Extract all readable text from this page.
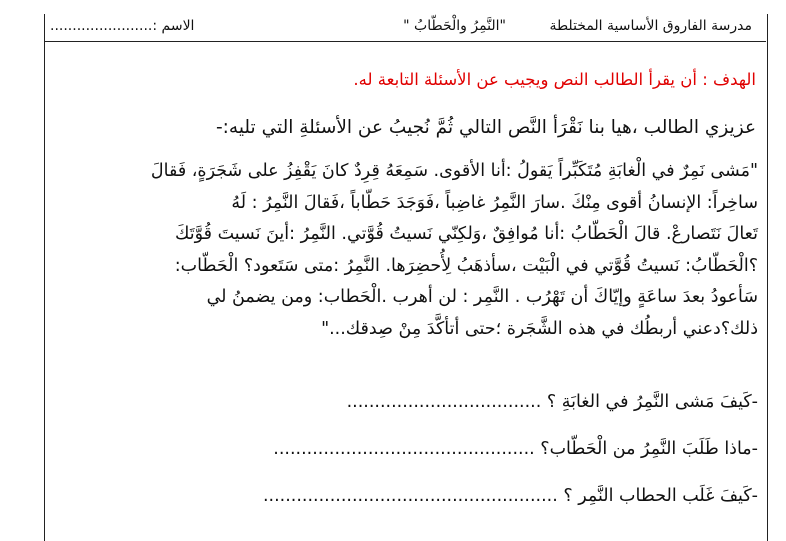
مدرسة الفاروق الأساسية المختلطة
"النَّمِرُ والْحَطّابُ "
الاسم :.......................
الهدف : أن يقرأ الطالب النص ويجيب عن الأسئلة التابعة له.
عزيزي الطالب ،هيا بنا نَقْرَأ النَّص التالي ثُمَّ نُجيبُ عن الأسئلةِ التي تليه:-
"مَشى نَمِرٌ في الْغابَةِ مُتَكَبِّراً يَقولُ :أنا الأقوى. سَمِعَهُ قِرِدٌ كانَ يَقْفِزُ على شَجَرَةٍ، فَقالَ
ساخِراً: الإنسانُ أقوى مِنْكَ .سارَ النَّمِرُ غاضِباً ،فَوَجَدَ حَطّاباً ،فَقالَ النَّمِرُ : لَهُ
تَعالَ نَتَصارعْ. قالَ الْحَطّابُ :أنا مُوافِقٌ ،وَلكِنّي نَسيتُ قُوَّتي. النَّمِرُ :أينَ نَسيتَ قُوَّتَكَ
؟الْحَطّابُ: نَسيتُ قُوَّتي في الْبَيْت ،سأذهَبُ لِأُحضِرَها. النَّمِرُ :متى سَتَعود؟ الْحَطّاب:
سَأعودُ بعدَ ساعَةٍ وإيّاكَ أن تَهْرُب . النَّمِر : لن أهرب .الْحَطاب: ومن يضمنُ لي
ذلك؟دعني أربطُك في هذه الشَّجَرة ؛حتى أتأكَّدَ مِنْ صِدقك..."
-كَيفَ مَشى النَّمِرُ في الغابَةِ ؟ ...................................
-ماذا طَلَبَ النَّمِرُ من الْحَطّاب؟ ...............................................
-كَيفَ غَلَب الحطاب النَّمِر ؟ .....................................................
